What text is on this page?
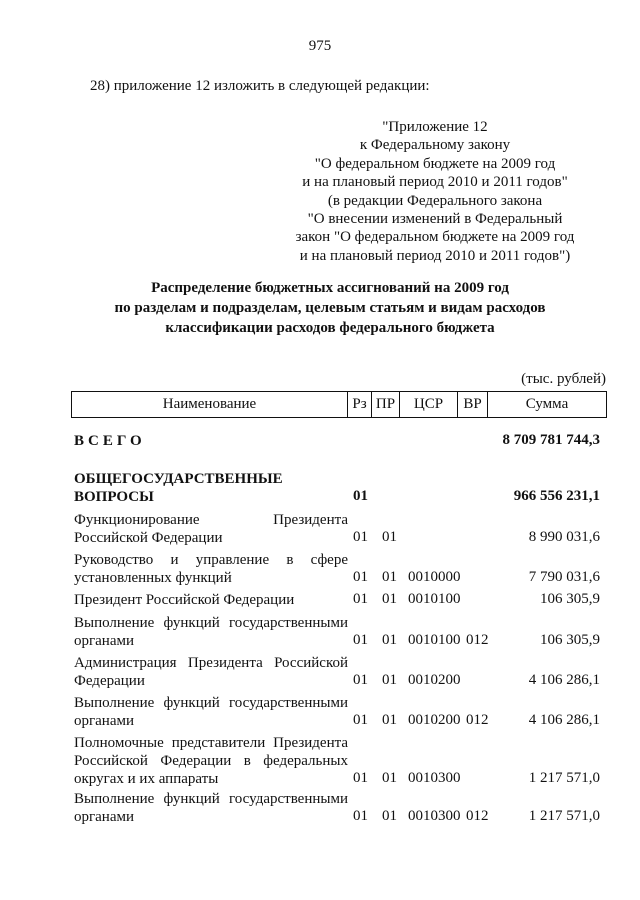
975
28) приложение 12 изложить в следующей редакции:
"Приложение 12
к Федеральному закону
"О федеральном бюджете на 2009 год
и на плановый период 2010 и 2011 годов"
(в редакции Федерального закона
"О внесении изменений в Федеральный
закон "О федеральном бюджете на 2009 год
и на плановый период 2010 и 2011 годов")
Распределение бюджетных ассигнований на 2009 год
по разделам и подразделам, целевым статьям и видам расходов
классификации расходов федерального бюджета
(тыс. рублей)
Наименование	Рз	ПР	ЦСР	ВР	Сумма
ВСЕГО	8 709 781 744,3
ОБЩЕГОСУДАРСТВЕННЫЕ
ВОПРОСЫ	01	966 556 231,1
Функционирование Президента
Российской Федерации	01 01	8 990 031,6
Руководство и управление в сфере
установленных функций	01 01 0010000	7 790 031,6
Президент Российской Федерации	01 01 0010100	106 305,9
Выполнение функций государственными
органами	01 01 0010100 012	106 305,9
Администрация Президента Российской
Федерации	01 01 0010200	4 106 286,1
Выполнение функций государственными
органами	01 01 0010200 012	4 106 286,1
Полномочные представители Президента
Российской Федерации в федеральных
округах и их аппараты	01 01 0010300	1 217 571,0
Выполнение функций государственными
органами	01 01 0010300 012	1 217 571,0
